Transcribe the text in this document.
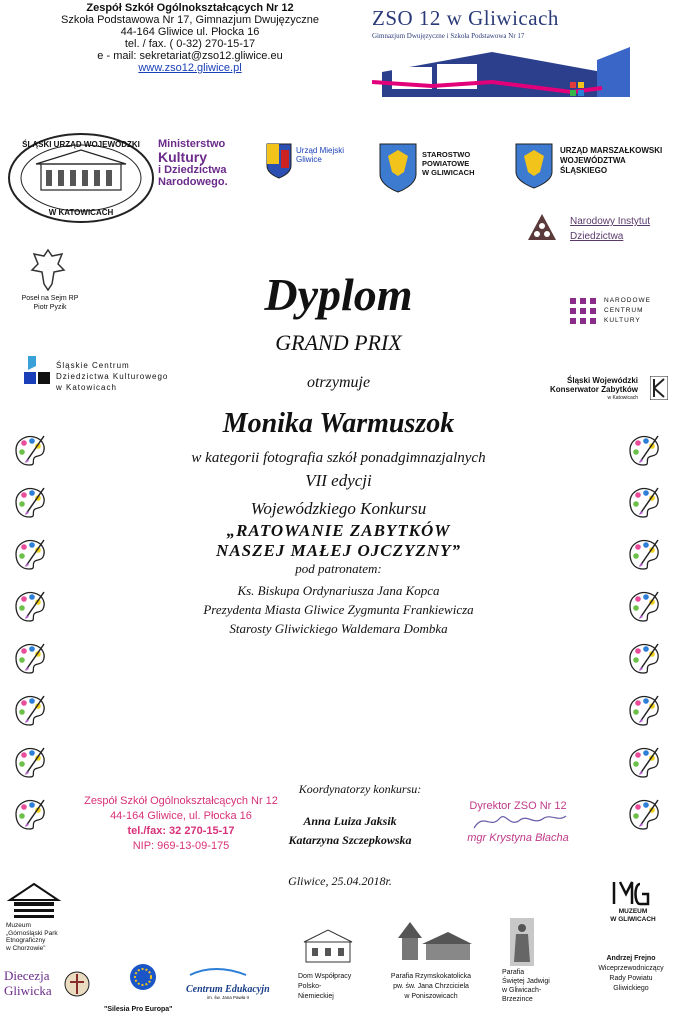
Zespół Szkół Ogólnokształcących Nr 12
Szkoła Podstawowa Nr 17, Gimnazjum Dwujęzyczne
44-164 Gliwice ul. Płocka 16
tel. / fax. ( 0-32) 270-15-17
e - mail: sekretariat@zso12.gliwice.eu
www.zso12.gliwice.pl
ZSO 12 w Gliwicach
Gimnazjum Dwujęzyczne i Szkoła Podstawowa Nr 17
ŚLĄSKI URZĄD WOJEWÓDZKI
W KATOWICACH
Ministerstwo
Kultury
i Dziedzictwa
Narodowego.
Urząd Miejski
Gliwice
STAROSTWO
POWIATOWE
W GLIWICACH
URZĄD MARSZAŁKOWSKI
WOJEWÓDZTWA
ŚLĄSKIEGO
Narodowy Instytut
Dziedzictwa
Poseł na Sejm RP
Piotr Pyzik
NARODOWE
CENTRUM
KULTURY
Śląskie Centrum
Dziedzictwa Kulturowego
w Katowicach
Śląski Wojewódzki
Konserwator Zabytków
w Katowicach
Dyplom
GRAND PRIX
otrzymuje
Monika Warmuszok
w kategorii fotografia szkół ponadgimnazjalnych
VII edycji
Wojewódzkiego Konkursu
„RATOWANIE ZABYTKÓW
NASZEJ MAŁEJ OJCZYZNY”
pod patronatem:
Ks. Biskupa Ordynariusza Jana Kopca
Prezydenta Miasta Gliwice Zygmunta Frankiewicza
Starosty Gliwickiego Waldemara Dombka
Zespół Szkół Ogólnokształcących Nr 12
44-164 Gliwice, ul. Płocka 16
tel./fax: 32 270-15-17
NIP: 969-13-09-175
Koordynatorzy konkursu:
Anna Luiza Jaksik
Katarzyna Szczepkowska
Dyrektor ZSO Nr 12
mgr Krystyna Błacha
Gliwice, 25.04.2018r.
Muzeum
„Górnośląski Park
Etnograficzny
w Chorzowie”
MUZEUM
W GLIWICACH
Diecezja
Gliwicka
"Silesia Pro Europa"
Centrum Edukacyjn
im. św. Jana Pawła II
Dom Współpracy
Polsko-
Niemieckiej
Parafia Rzymskokatolicka
pw. św. Jana Chrzciciela
w Poniszowicach
Parafia
Świętej Jadwigi
w Gliwicach-
Brzezince
Andrzej Frejno
Wiceprzewodniczący
Rady Powiatu
Gliwickiego
